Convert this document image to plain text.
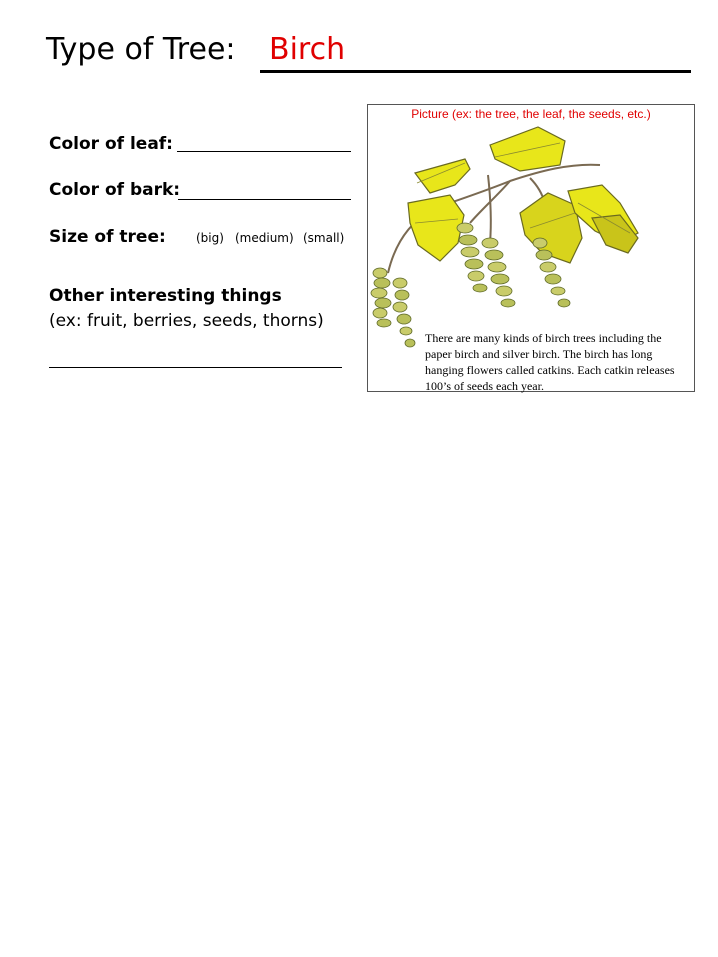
Type of Tree: Birch
Color of leaf:
Color of bark:
Size of tree:	(big) (medium) (small)
Other interesting things
(ex: fruit, berries, seeds, thorns)
Picture (ex: the tree, the leaf, the seeds, etc.)
There are many kinds of birch trees including the paper birch and silver birch. The birch has long hanging flowers called catkins. Each catkin releases 100’s of seeds each year.
